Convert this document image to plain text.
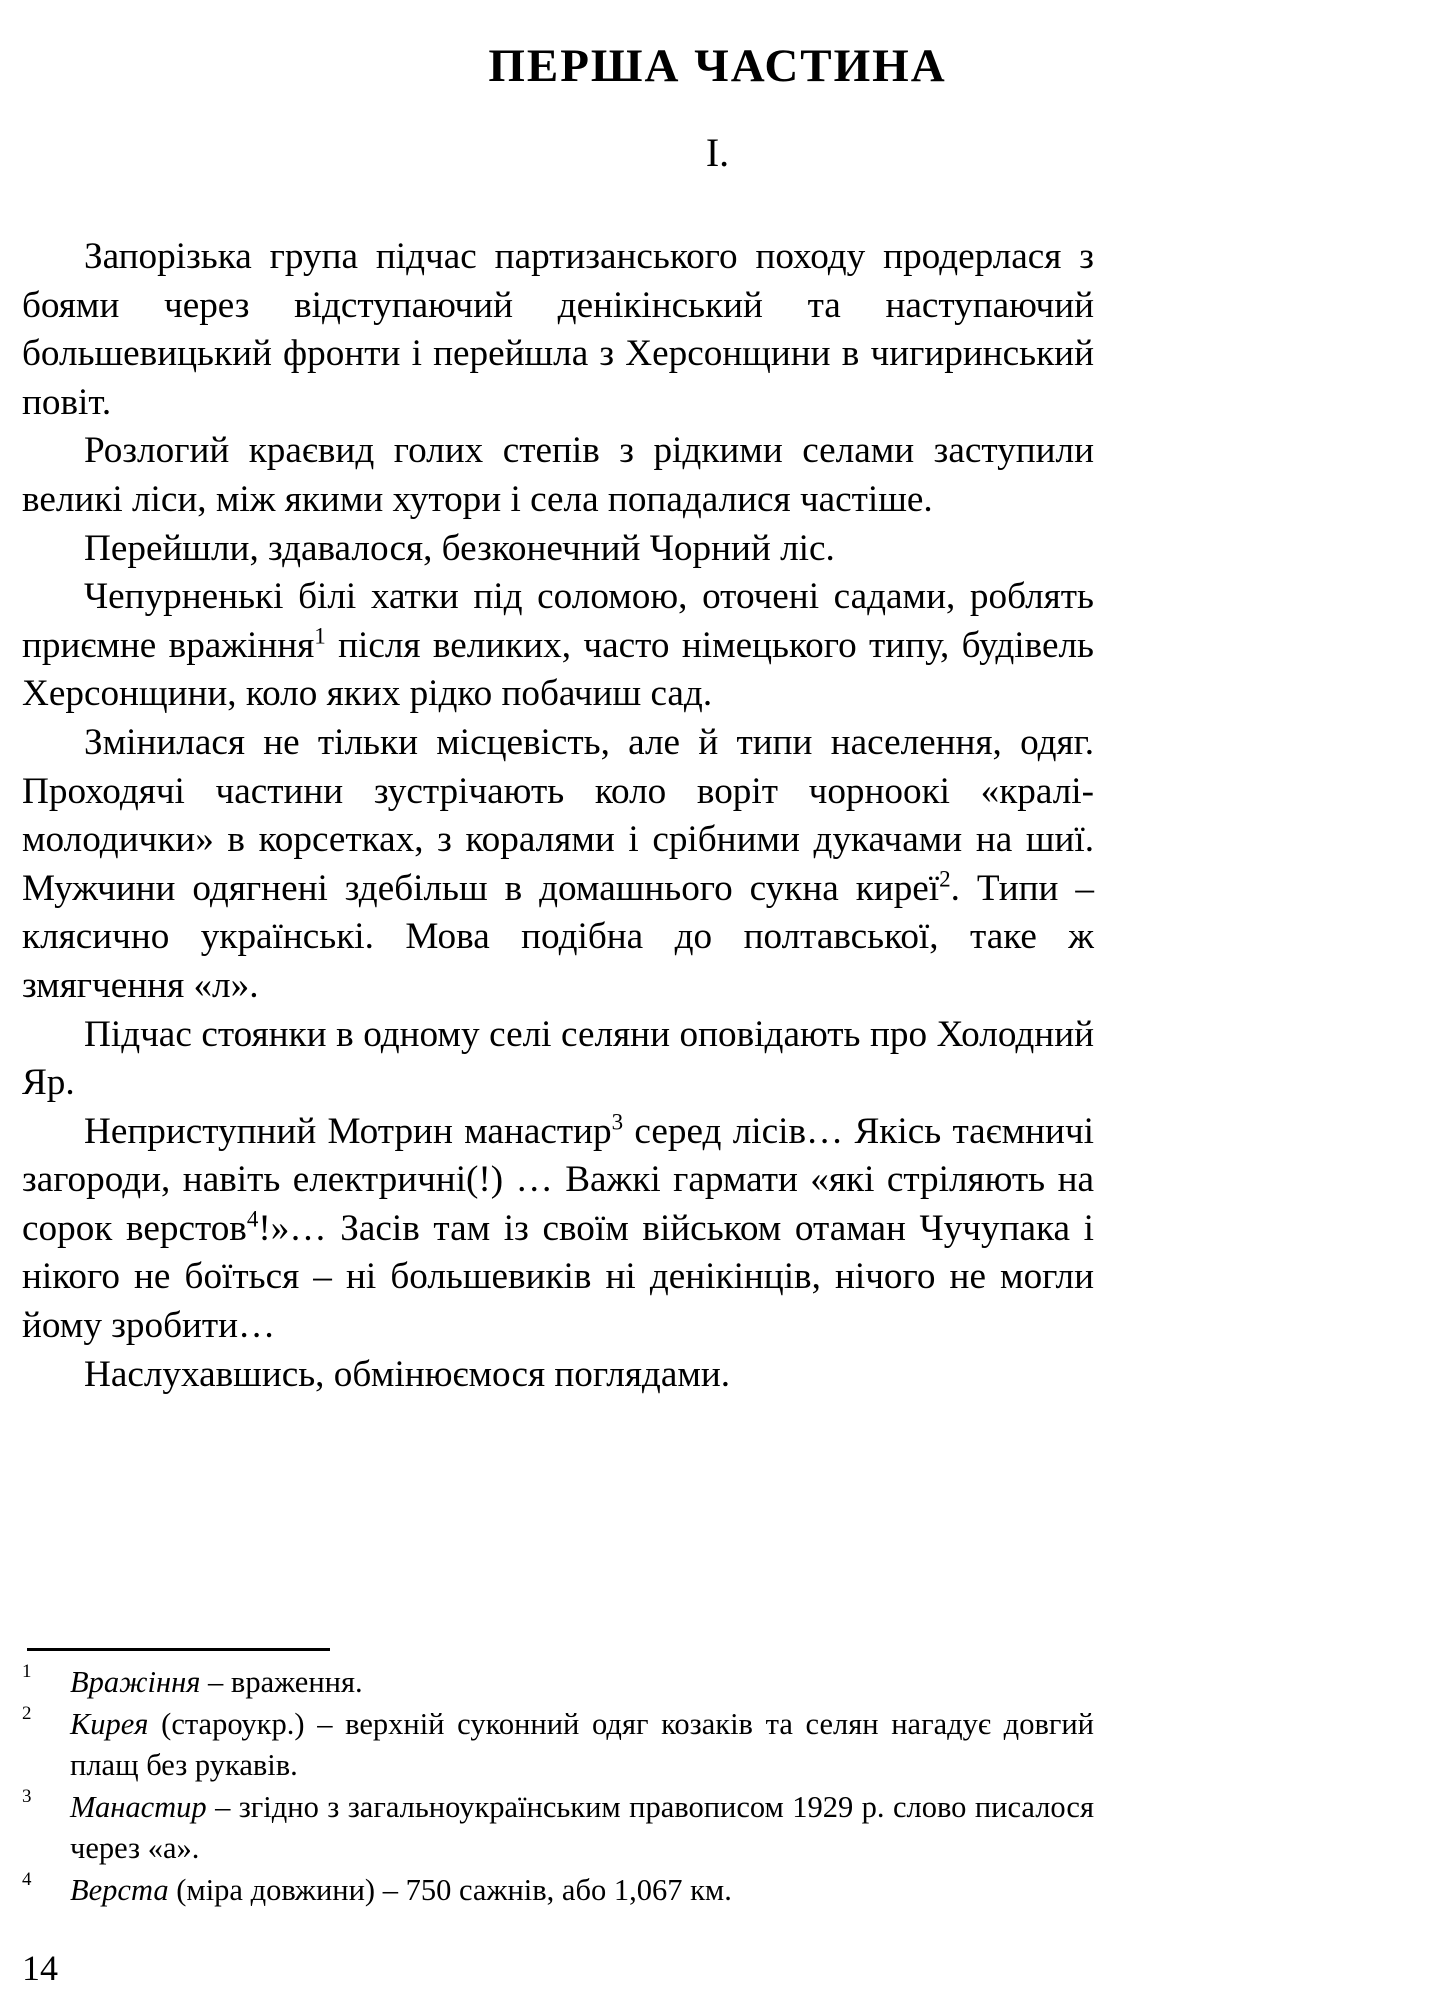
ПЕРША ЧАСТИНА
I.

Запорізька група підчас партизанського походу продерлася з боями через відступаючий денікінський та наступаючий большевицький фронти і перейшла з Херсонщини в чигиринський повіт.

Розлогий краєвид голих степів з рідкими селами заступили великі ліси, між якими хутори і села попадалися частіше.

Перейшли, здавалося, безконечний Чорний ліс.

Чепурненькі білі хатки під соломою, оточені садами, роблять приємне вражіння$^1$ після великих, часто німецького типу, будівель Херсонщини, коло яких рідко побачиш сад.

Змінилася не тільки місцевість, але й типи населення, одяг. Проходячі частини зустрічають коло воріт чорноокі «кралі-молодички» в корсетках, з коралями і срібними дукачами на шиї. Мужчини одягнені здебільш в домашнього сукна киреї$^2$. Типи – клясично українські. Мова подібна до полтавської, таке ж змягчення «л».

Підчас стоянки в одному селі селяни оповідають про Холодний Яр.

Неприступний Мотрин манастир$^3$ серед лісів… Якісь таємничі загороди, навіть електричні(!) … Важкі гармати «які стріляють на сорок верстов$^4$!»… Засів там із своїм військом отаман Чучупака і нікого не боїться – ні большевиків ні денікінців, нічого не могли йому зробити…

Наслухавшись, обмінюємося поглядами.

1	Вражіння – враження.
2	Кирея (староукр.) – верхній суконний одяг козаків та селян нагадує довгий плащ без рукавів.
3	Манастир – згідно з загальноукраїнським правописом 1929 р. слово писалося через «а».
4	Верста (міра довжини) – 750 сажнів, або 1,067 км.
14
